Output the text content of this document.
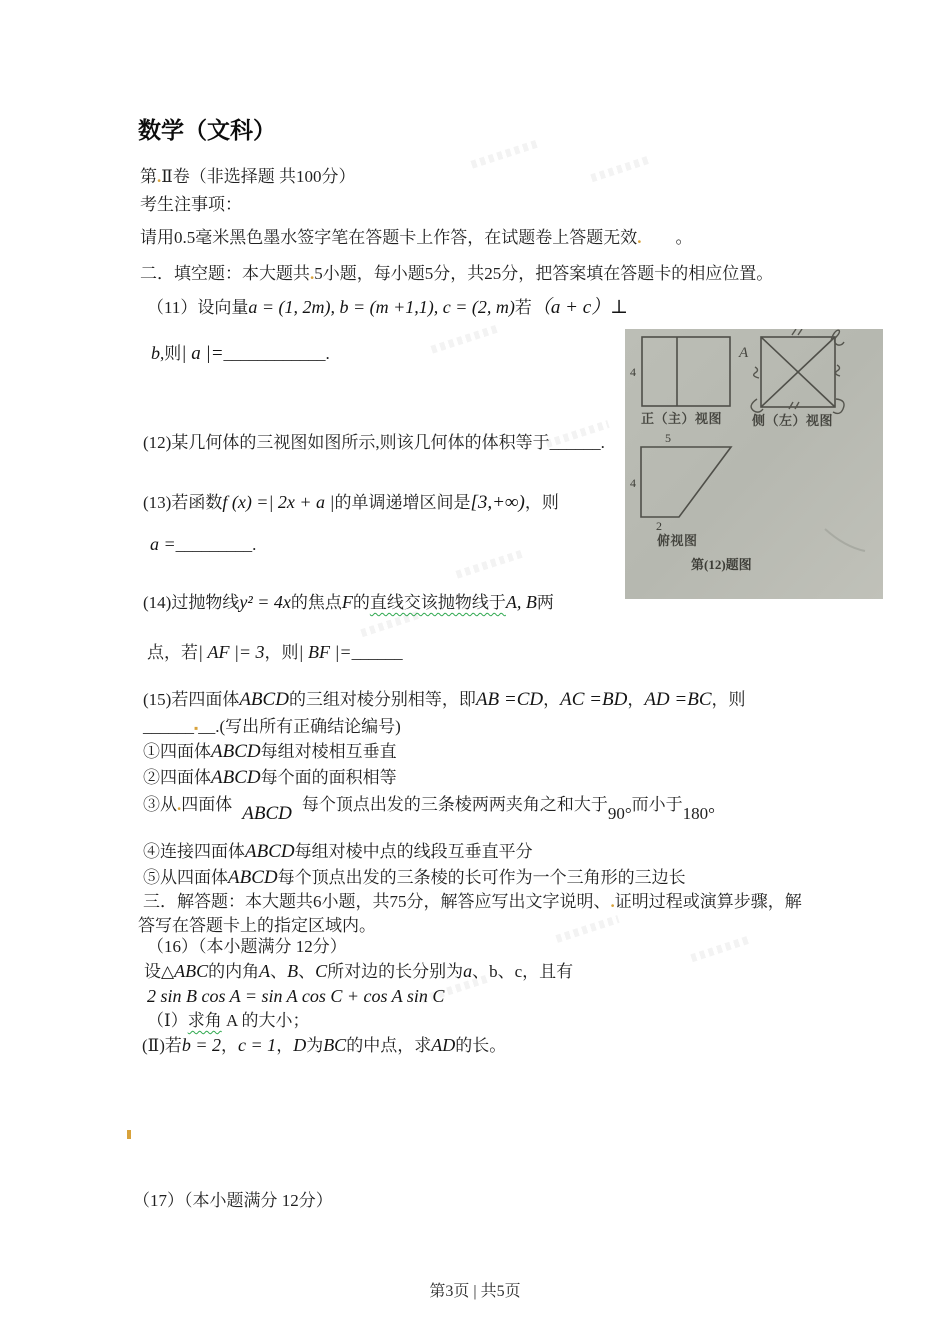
数学（文科）
第.Ⅱ卷（非选择题 共100分）
考生注事项：
请用0.5毫米黑色墨水签字笔在答题卡上作答，在试题卷上答题无效. 。
二．填空题：本大题共.5小题，每小题5分，共25分，把答案填在答题卡的相应位置。
（11）设向量a = (1, 2m), b = (m +1,1), c = (2, m)若（a + c）⊥
b,则| a |=____________.
(12)某几何体的三视图如图所示,则该几何体的体积等于______.
(13)若函数f (x) =| 2x + a |的单调递增区间是[3,+∞)，则
a =_________.
(14)过抛物线y² = 4x的焦点F的直线交该抛物线于A, B两
点，若| AF |= 3，则| BF |=______
(15)若四面体ABCD的三组对棱分别相等，即AB =CD，AC =BD，AD =BC，则
______▪__.(写出所有正确结论编号)
①四面体ABCD每组对棱相互垂直
②四面体ABCD每个面的面积相等
③从.四面体 ABCD 每个顶点出发的三条棱两两夹角之和大于90°而小于180°
④连接四面体ABCD每组对棱中点的线段互垂直平分
⑤从四面体ABCD每个顶点出发的三条棱的长可作为一个三角形的三边长
三．解答题：本大题共6小题，共75分，解答应写出文字说明、.证明过程或演算步骤，解
答写在答题卡上的指定区域内。
（16）（本小题满分 12分）
设△ABC的内角A、B、C所对边的长分别为a、b、c，且有
2 sin B cos A = sin A cos C + cos A sin C
（Ⅰ）求角 A 的大小；
(Ⅱ)若b = 2，c = 1，D为BC的中点，求AD的长。
（17）（本小题满分 12分）
4
正（主）视图
A
侧（左）视图
5
4
2
俯视图
第(12)题图
第3页 | 共5页
